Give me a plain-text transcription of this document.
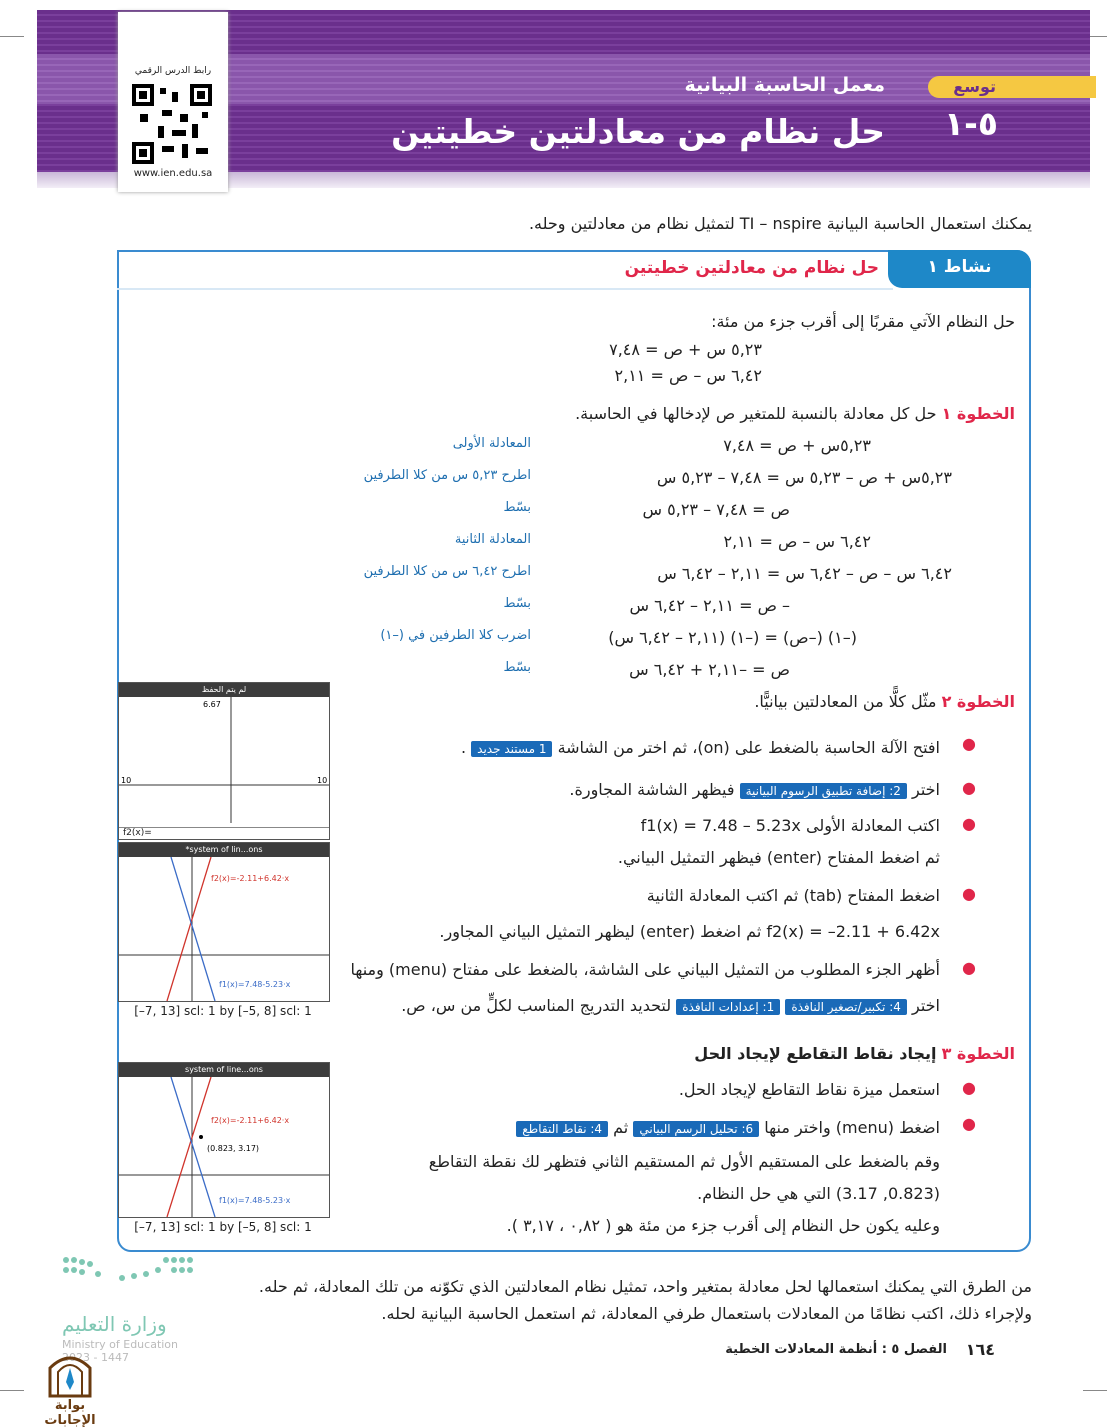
توسع
٥-١
معمل الحاسبة البيانية
حل نظام من معادلتين خطيتين
رابط الدرس الرقمي
www.ien.edu.sa
يمكنك استعمال الحاسبة البيانية TI – nspire لتمثيل نظام من معادلتين وحله.
نشاط ١
حل نظام من معادلتين خطيتين
حل النظام الآتي مقربًا إلى أقرب جزء من مئة:
٥,٢٣ س + ص = ٧,٤٨
٦,٤٢ س – ص = ٢,١١
الخطوة ١ حل كل معادلة بالنسبة للمتغير ص لإدخالها في الحاسبة.
٥,٢٣س + ص = ٧,٤٨
المعادلة الأولى
٥,٢٣س + ص – ٥,٢٣ س = ٧,٤٨ – ٥,٢٣ س
اطرح ٥,٢٣ س من كلا الطرفين
ص = ٧,٤٨ – ٥,٢٣ س
بسّط
٦,٤٢ س – ص = ٢,١١
المعادلة الثانية
٦,٤٢ س – ص – ٦,٤٢ س = ٢,١١ – ٦,٤٢ س
اطرح ٦,٤٢ س من كلا الطرفين
– ص = ٢,١١ – ٦,٤٢ س
بسّط
(–١) (–ص) = (–١) (٢,١١ – ٦,٤٢ س)
اضرب كلا الطرفين في (–١)
ص = –٢,١١ + ٦,٤٢ س
بسّط
الخطوة ٢ مثّل كلًّا من المعادلتين بيانيًّا.
●
افتح الآلة الحاسبة بالضغط على (on)، ثم اختر من الشاشة 1 مستند جديد .
●
اختر 2: إضافة تطبيق الرسوم البيانية فيظهر الشاشة المجاورة.
●
اكتب المعادلة الأولى f1(x) = 7.48 – 5.23x
ثم اضغط المفتاح (enter) فيظهر التمثيل البياني.
●
اضغط المفتاح (tab) ثم اكتب المعادلة الثانية
f2(x) = –2.11 + 6.42x ثم اضغط (enter) ليظهر التمثيل البياني المجاور.
●
أظهر الجزء المطلوب من التمثيل البياني على الشاشة، بالضغط على مفتاح (menu) ومنها
اختر 4: تكبير/تصغير النافذة 1: إعدادات النافذة لتحديد التدريج المناسب لكلٍّ من س، ص.
الخطوة ٣ إيجاد نقاط التقاطع لإيجاد الحل
●
استعمل ميزة نقاط التقاطع لإيجاد الحل.
●
اضغط (menu) واختر منها 6: تحليل الرسم البياني ثم 4: نقاط التقاطع
وقم بالضغط على المستقيم الأول ثم المستقيم الثاني فتظهر لك نقطة التقاطع
(0.823, 3.17) التي هي حل النظام.
وعليه يكون حل النظام إلى أقرب جزء من مئة هو ( ٠,٨٢ ، ٣,١٧ ).
لم يتم الحفظ
6.67
10	10
f2(x)=
*system of lin...ons
f2(x)=-2.11+6.42·x
f1(x)=7.48-5.23·x
[–7, 13] scl: 1 by [–5, 8] scl: 1
system of line...ons
(0.823, 3.17)
f2(x)=-2.11+6.42·x
f1(x)=7.48-5.23·x
[–7, 13] scl: 1 by [–5, 8] scl: 1
من الطرق التي يمكنك استعمالها لحل معادلة بمتغير واحد، تمثيل نظام المعادلتين الذي تكوّنه من تلك المعادلة، ثم حله.
ولإجراء ذلك، اكتب نظامًا من المعادلات باستعمال طرفي المعادلة، ثم استعمل الحاسبة البيانية لحله.
الفصل ٥ : أنظمة المعادلات الخطية ١٦٤
وزارة التعليم
Ministry of Education
2023 - 1447
بوابة الإجابات
